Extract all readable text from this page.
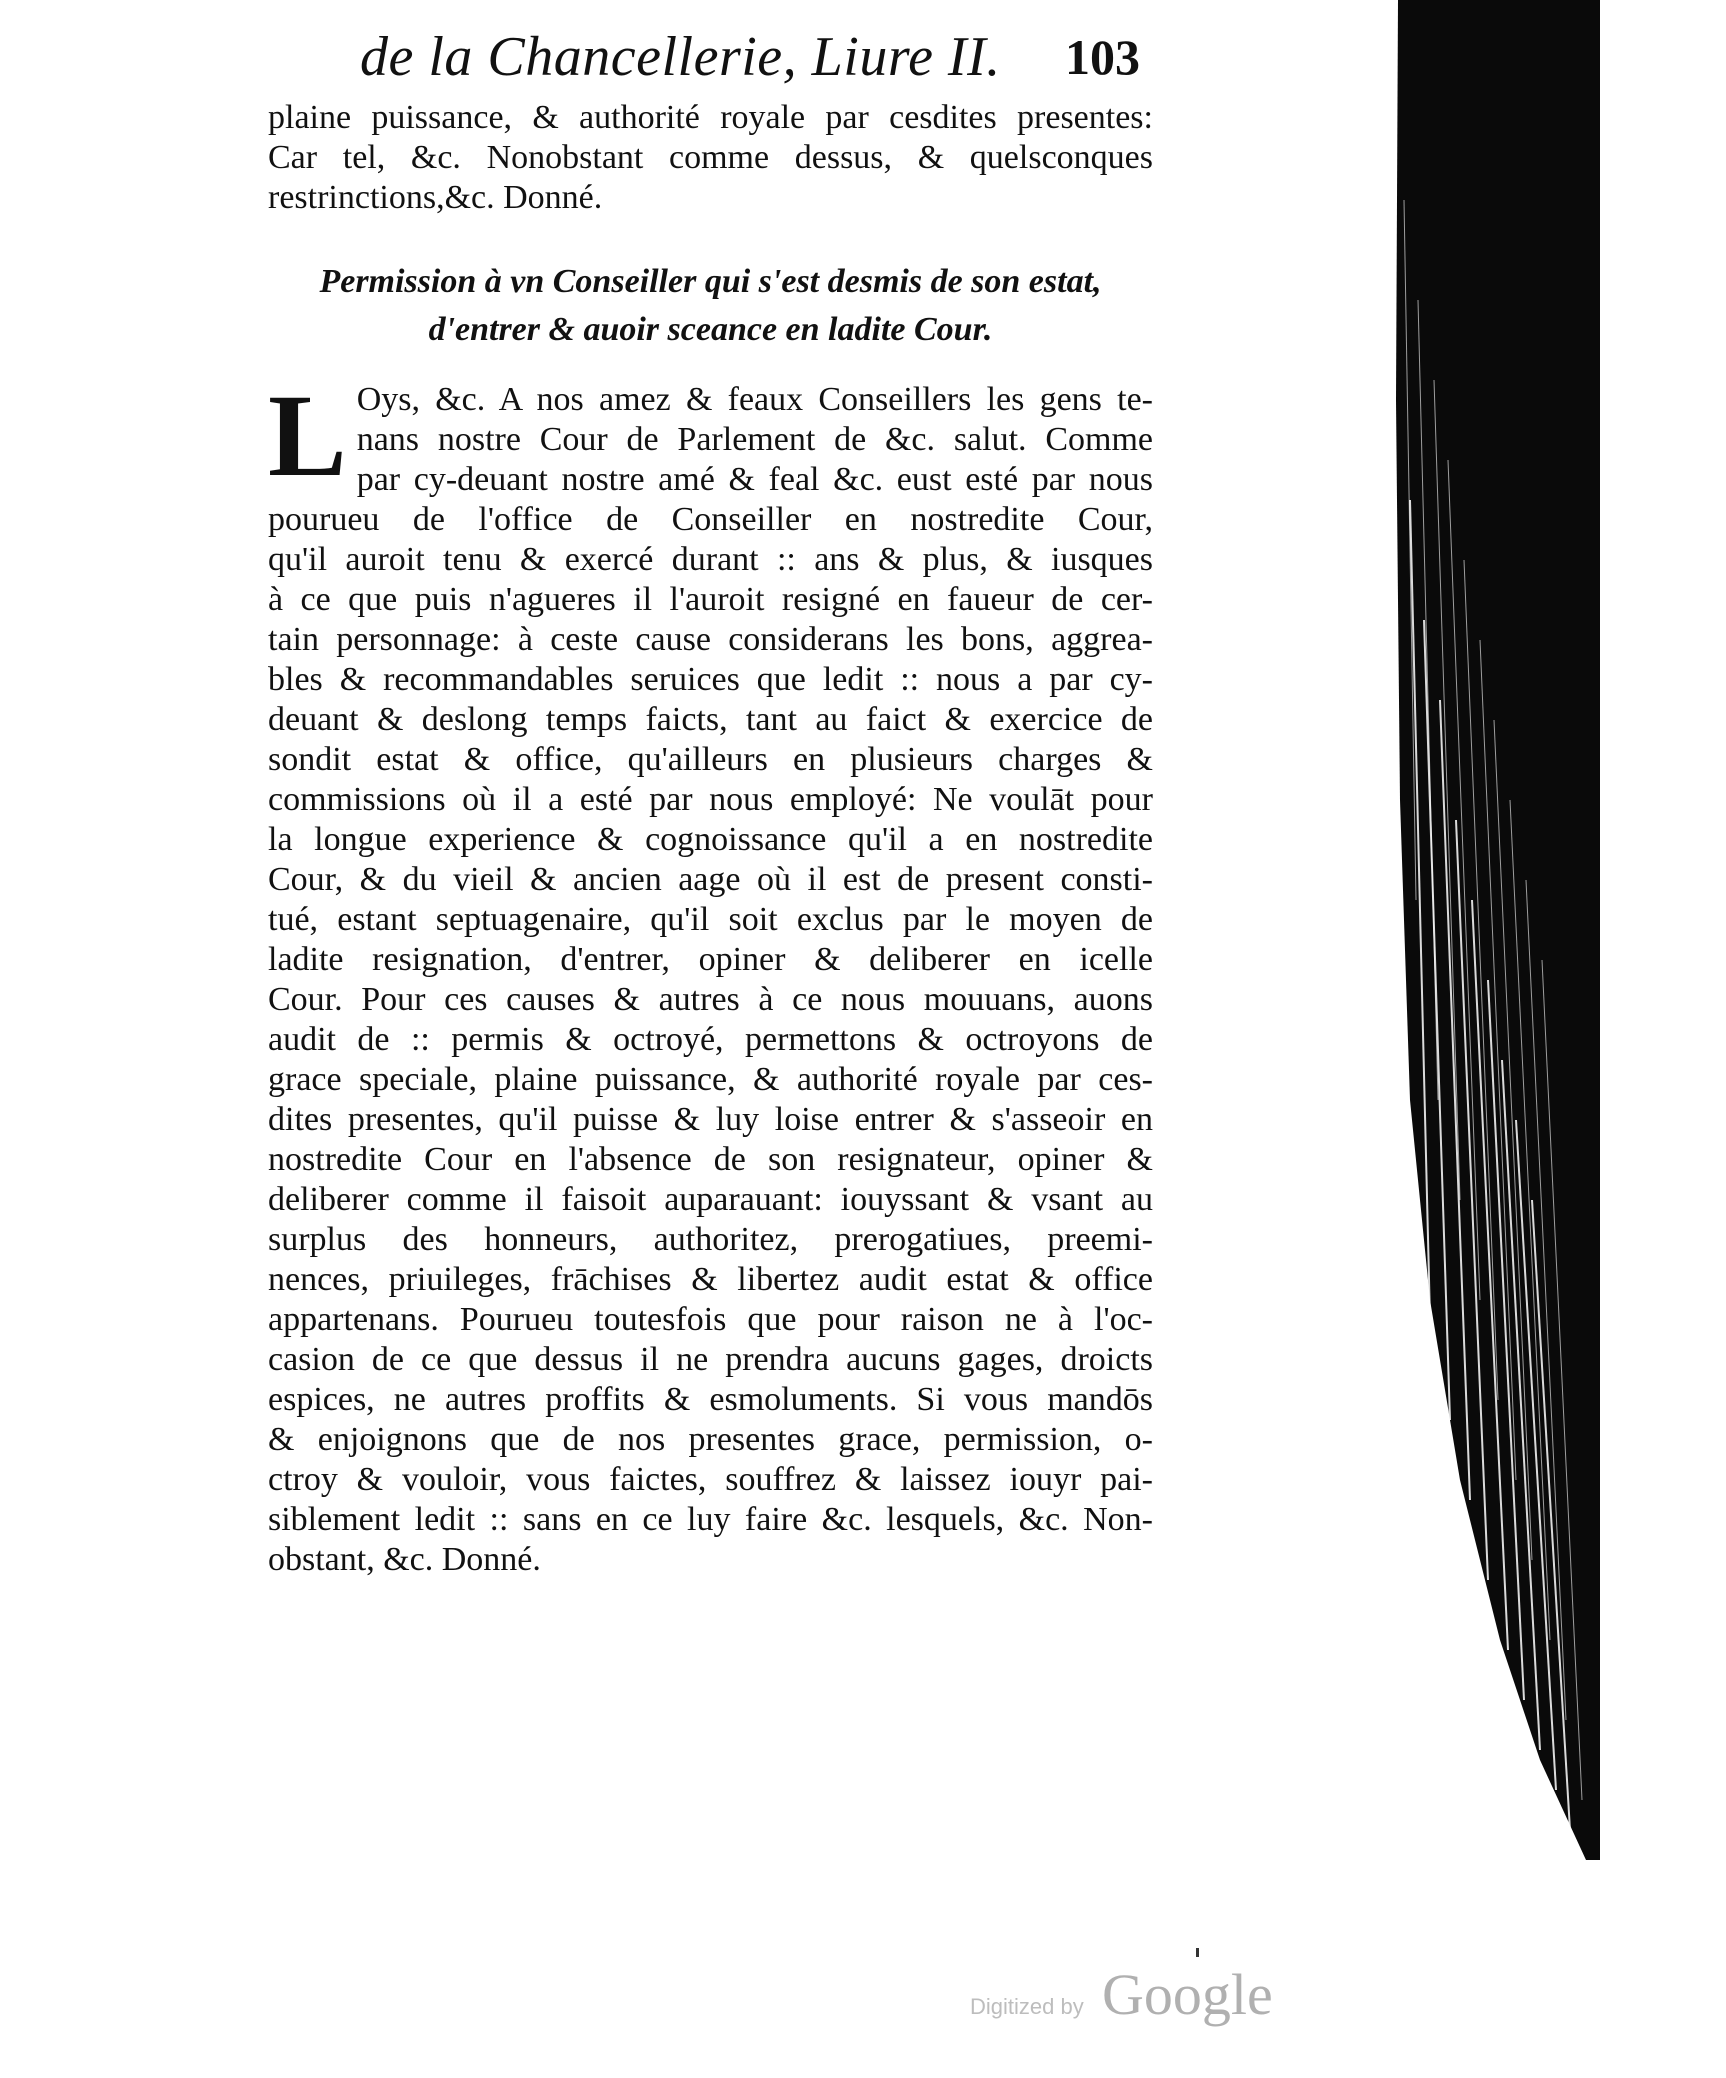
de la Chancellerie, Liure II. 103
plaine puissance, & authorité royale par cesdites presentes:
Car tel, &c. Nonobstant comme dessus, & quelsconques
restrinctions,&c. Donné.
Permission à vn Conseiller qui s'est desmis de son estat,
d'entrer & auoir sceance en ladite Cour.
L Oys, &c. A nos amez & feaux Conseillers les gens te-
nans nostre Cour de Parlement de &c. salut. Comme
par cy-deuant nostre amé & feal &c. eust esté par nous
pourueu de l'office de Conseiller en nostredite Cour,
qu'il auroit tenu & exercé durant :: ans & plus, & iusques
à ce que puis n'agueres il l'auroit resigné en faueur de cer-
tain personnage: à ceste cause considerans les bons, aggrea-
bles & recommandables seruices que ledit :: nous a par cy-
deuant & deslong temps faicts, tant au faict & exercice de
sondit estat & office, qu'ailleurs en plusieurs charges &
commissions où il a esté par nous employé: Ne voulāt pour
la longue experience & cognoissance qu'il a en nostredite
Cour, & du vieil & ancien aage où il est de present consti-
tué, estant septuagenaire, qu'il soit exclus par le moyen de
ladite resignation, d'entrer, opiner & deliberer en icelle
Cour. Pour ces causes & autres à ce nous mouuans, auons
audit de :: permis & octroyé, permettons & octroyons de
grace speciale, plaine puissance, & authorité royale par ces-
dites presentes, qu'il puisse & luy loise entrer & s'asseoir en
nostredite Cour en l'absence de son resignateur, opiner &
deliberer comme il faisoit auparauant: iouyssant & vsant au
surplus des honneurs, authoritez, prerogatiues, preemi-
nences, priuileges, frāchises & libertez audit estat & office
appartenans. Pourueu toutesfois que pour raison ne à l'oc-
casion de ce que dessus il ne prendra aucuns gages, droicts
espices, ne autres proffits & esmoluments. Si vous mandōs
& enjoignons que de nos presentes grace, permission, o-
ctroy & vouloir, vous faictes, souffrez & laissez iouyr pai-
siblement ledit :: sans en ce luy faire &c. lesquels, &c. Non-
obstant, &c. Donné.
Digitized by Google
